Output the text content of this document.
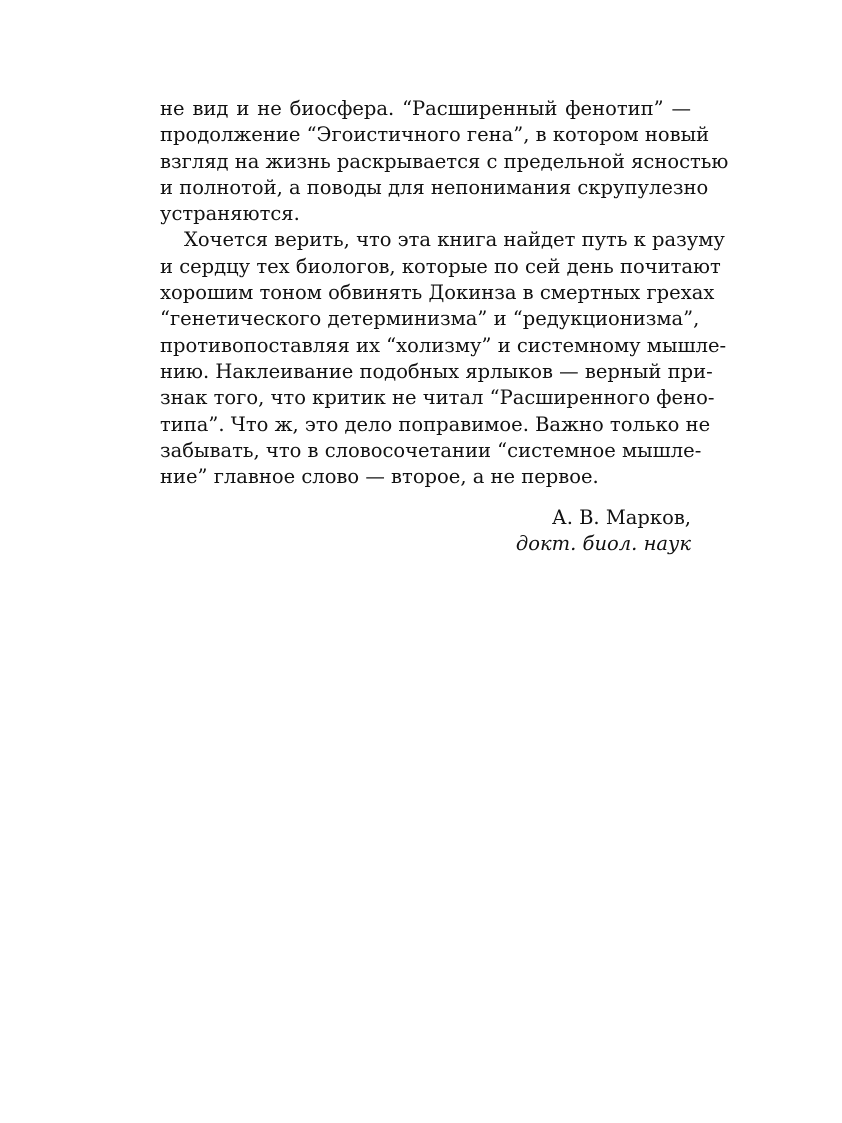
не вид и не биосфера. “Расширенный фенотип” —
продолжение “Эгоистичного гена”, в котором новый
взгляд на жизнь раскрывается с предельной ясностью
и полнотой, а поводы для непонимания скрупулезно
устраняются.

Хочется верить, что эта книга найдет путь к разуму
и сердцу тех биологов, которые по сей день почитают
хорошим тоном обвинять Докинза в смертных грехах
“генетического детерминизма” и “редукционизма”,
противопоставляя их “холизму” и системному мышле-
нию. Наклеивание подобных ярлыков — верный при-
знак того, что критик не читал “Расширенного фено-
типа”. Что ж, это дело поправимое. Важно только не
забывать, что в словосочетании “системное мышле-
ние” главное слово — второе, а не первое.

А. В. Марков,
докт. биол. наук
